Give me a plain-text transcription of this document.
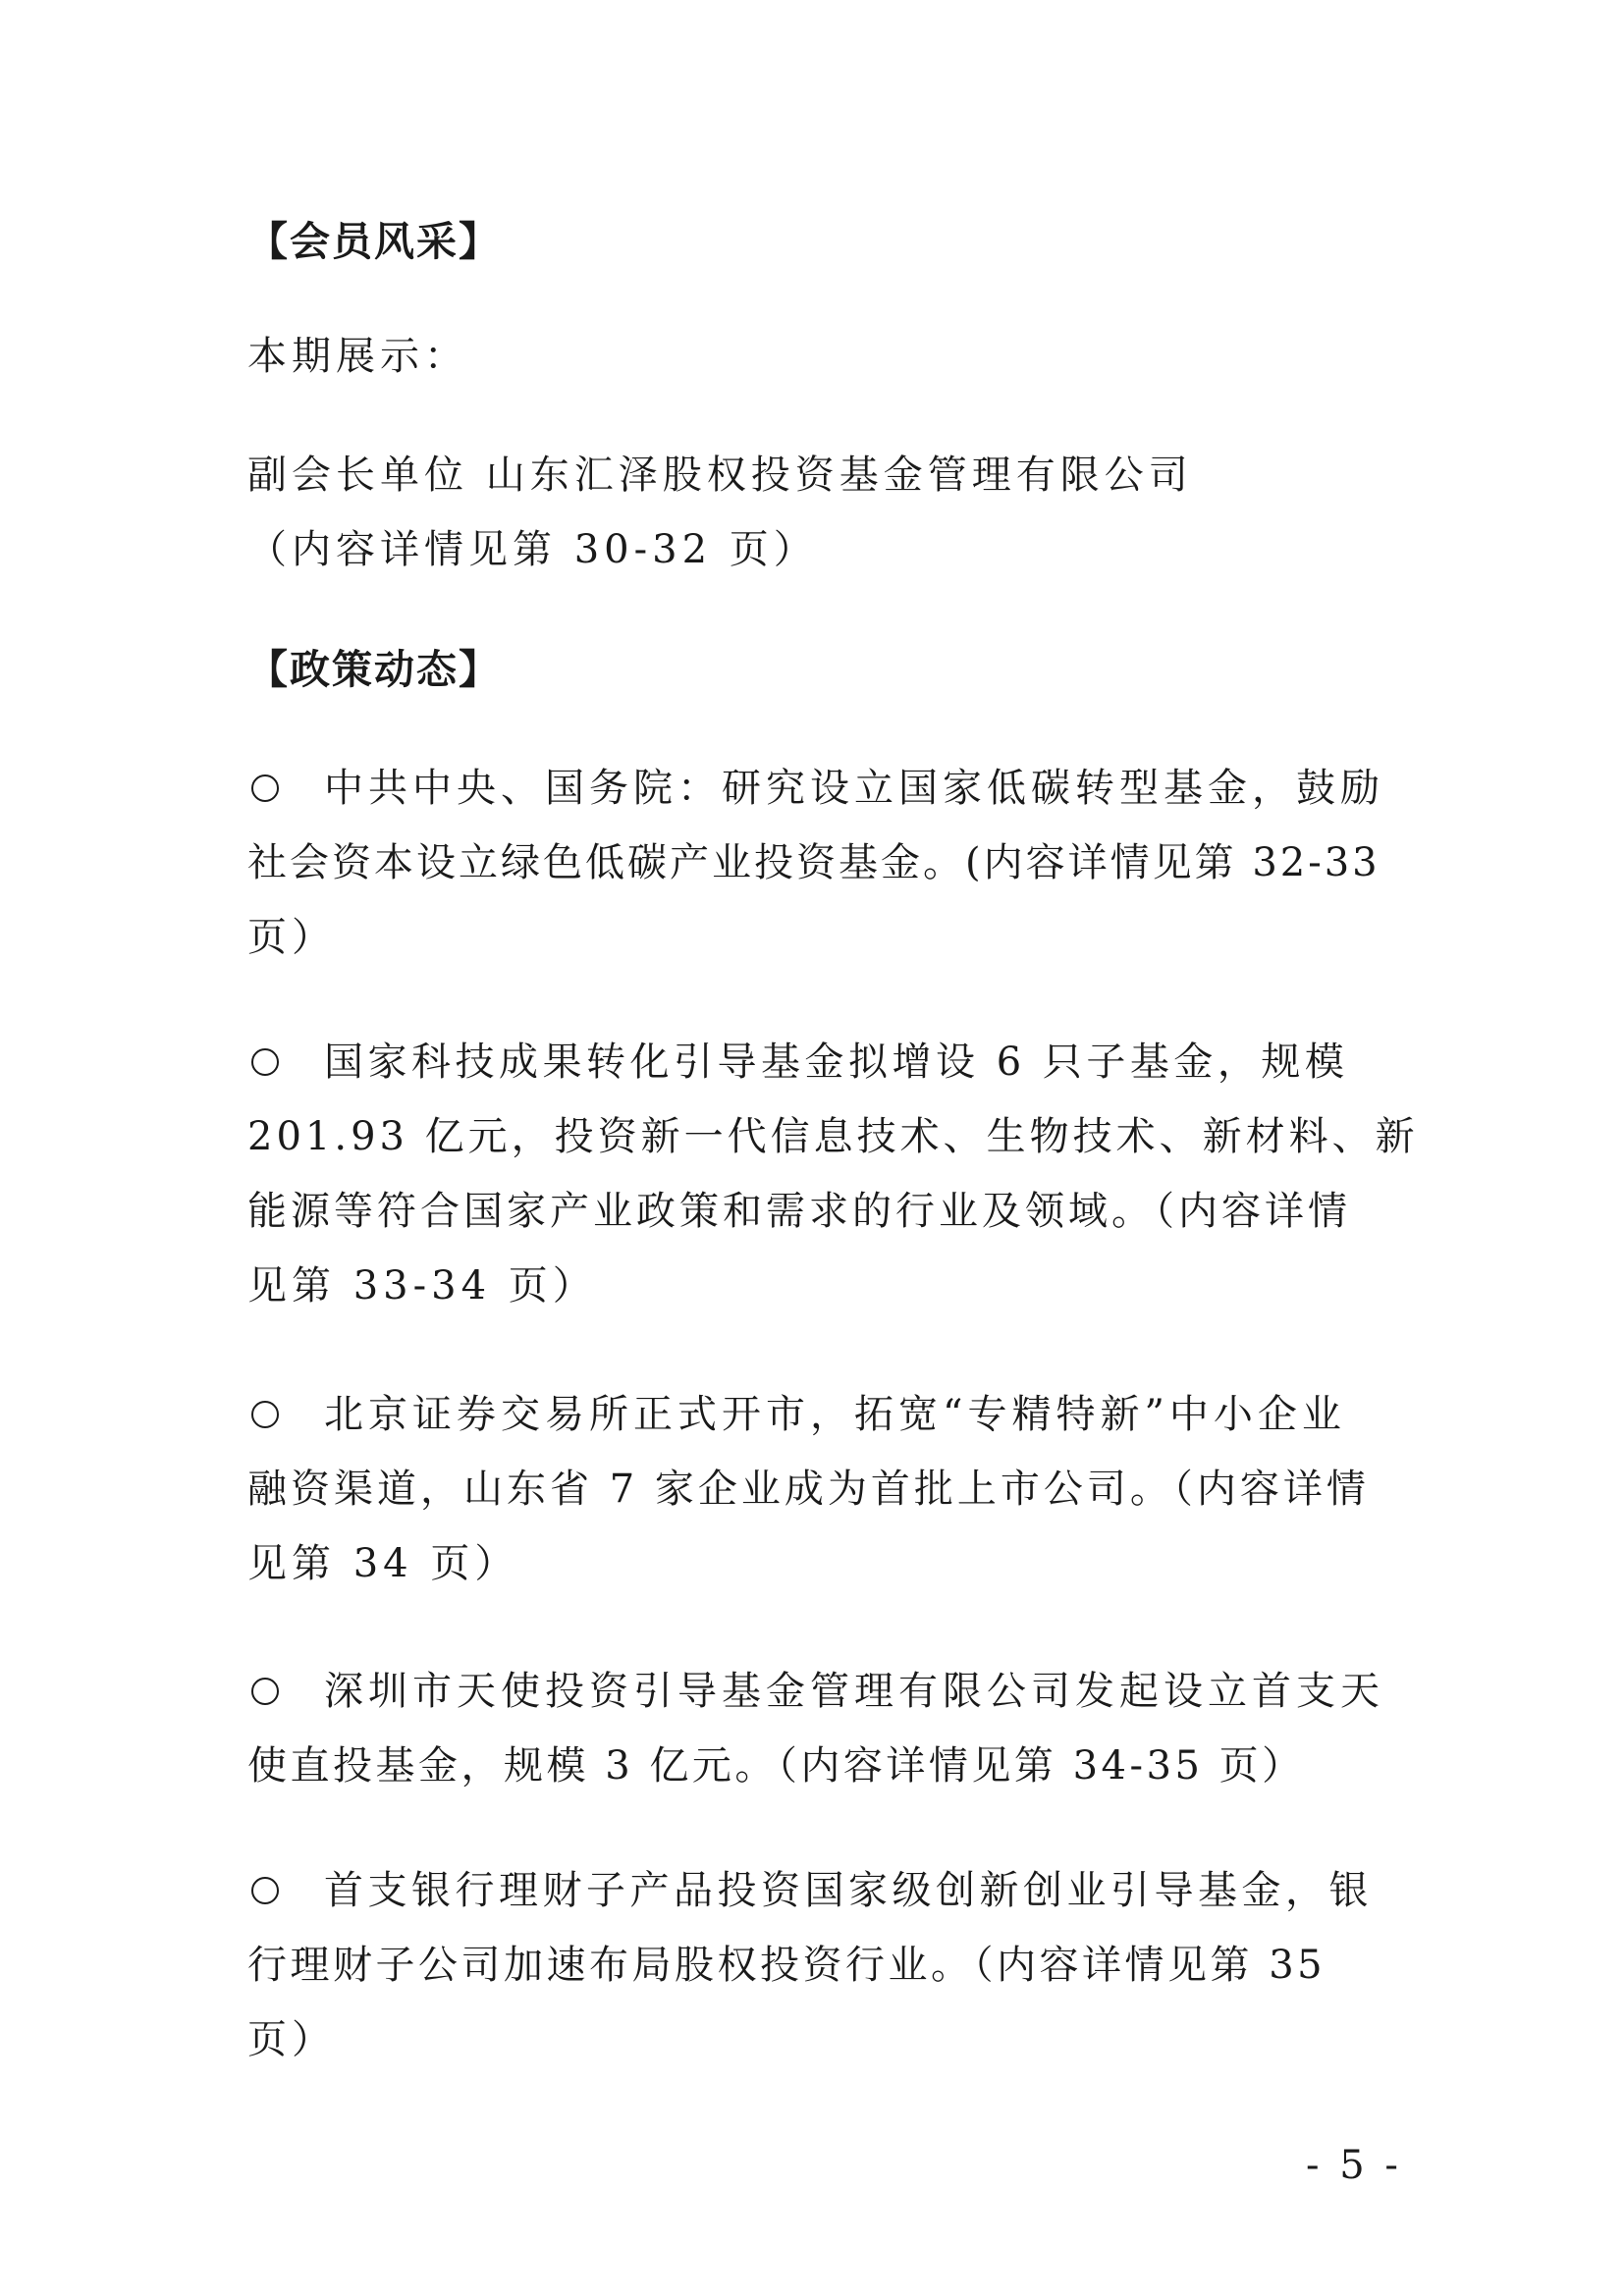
【会员风采】
本期展示：
副会长单位 山东汇泽股权投资基金管理有限公司
（内容详情见第 30-32 页）
【政策动态】
中共中央、国务院：研究设立国家低碳转型基金，鼓励
社会资本设立绿色低碳产业投资基金。(内容详情见第 32-33
页）
国家科技成果转化引导基金拟增设 6 只子基金，规模
201.93 亿元，投资新一代信息技术、生物技术、新材料、新
能源等符合国家产业政策和需求的行业及领域。（内容详情
见第 33-34 页）
北京证券交易所正式开市，拓宽“专精特新”中小企业
融资渠道，山东省 7 家企业成为首批上市公司。（内容详情
见第 34 页）
深圳市天使投资引导基金管理有限公司发起设立首支天
使直投基金，规模 3 亿元。（内容详情见第 34-35 页）
首支银行理财子产品投资国家级创新创业引导基金，银
行理财子公司加速布局股权投资行业。（内容详情见第 35
页）
- 5 -
